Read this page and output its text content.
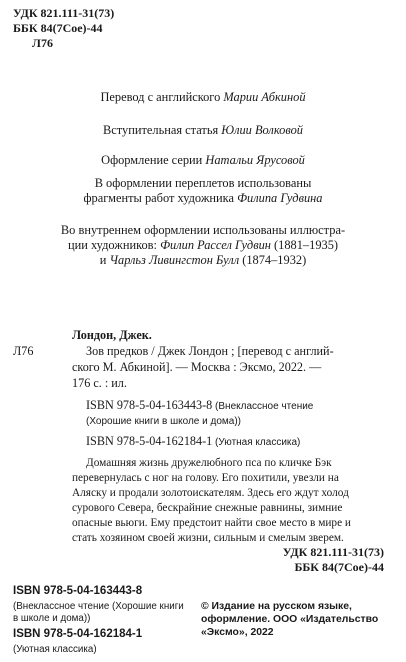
УДК 821.111-31(73)
ББК 84(7Сое)-44
Л76
Перевод с английского Марии Абкиной
Вступительная статья Юлии Волковой
Оформление серии Натальи Ярусовой
В оформлении переплетов использованы
фрагменты работ художника Филипа Гудвина
Во внутреннем оформлении использованы иллюстра-
ции художников: Филип Рассел Гудвин (1881–1935)
и Чарльз Ливингстон Булл (1874–1932)
Лондон, Джек.
Л76	Зов предков / Джек Лондон ; [перевод с англий-
ского М. Абкиной]. — Москва : Эксмо, 2022. —
176 с. : ил.
ISBN 978-5-04-163443-8 (Внеклассное чтение
(Хорошие книги в школе и дома))
ISBN 978-5-04-162184-1 (Уютная классика)
Домашняя жизнь дружелюбного пса по кличке Бэк
перевернулась с ног на голову. Его похитили, увезли на
Аляску и продали золотоискателям. Здесь его ждут холод
сурового Севера, бескрайние снежные равнины, зимние
опасные вьюги. Ему предстоит найти свое место в мире и
стать хозяином своей жизни, сильным и смелым зверем.
УДК 821.111-31(73)
ББК 84(7Сое)-44
ISBN 978-5-04-163443-8
(Внеклассное чтение (Хорошие книги
в школе и дома))
ISBN 978-5-04-162184-1
(Уютная классика)
© Издание на русском языке,
оформление. ООО «Издательство
«Эксмо», 2022
